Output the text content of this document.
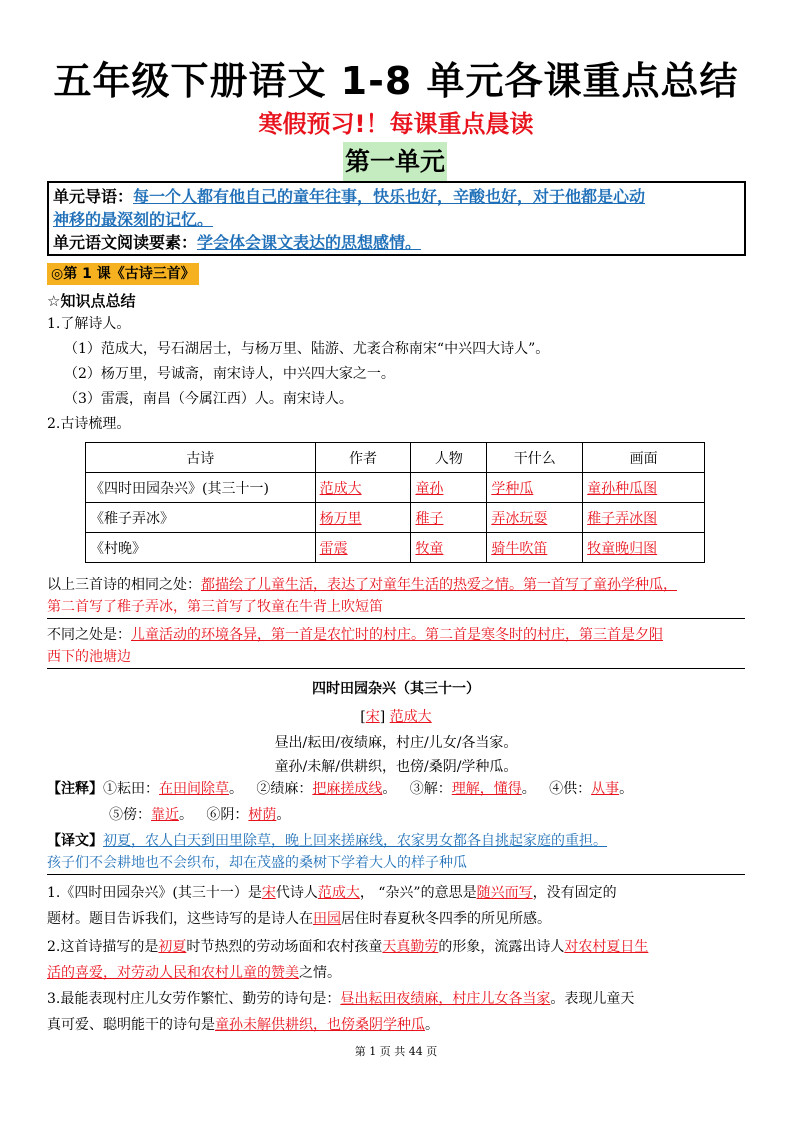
五年级下册语文 1-8 单元各课重点总结
寒假预习!！每课重点晨读
第一单元
单元导语：每一个人都有他自己的童年往事，快乐也好，辛酸也好，对于他都是心动
神移的最深刻的记忆。
单元语文阅读要素：学会体会课文表达的思想感情。
◎第 1 课《古诗三首》
☆知识点总结
1.了解诗人。
（1）范成大，号石湖居士，与杨万里、陆游、尤袤合称南宋“中兴四大诗人”。
（2）杨万里，号诚斋，南宋诗人，中兴四大家之一。
（3）雷震，南昌（今属江西）人。南宋诗人。
2.古诗梳理。
古诗	作者	人物	干什么	画面
《四时田园杂兴》(其三十一)	范成大	童孙	学种瓜	童孙种瓜图
《稚子弄冰》	杨万里	稚子	弄冰玩耍	稚子弄冰图
《村晚》	雷震	牧童	骑牛吹笛	牧童晚归图
以上三首诗的相同之处：都描绘了儿童生活，表达了对童年生活的热爱之情。第一首写了童孙学种瓜，
第二首写了稚子弄冰，第三首写了牧童在牛背上吹短笛
不同之处是：儿童活动的环境各异，第一首是农忙时的村庄。第二首是寒冬时的村庄，第三首是夕阳
西下的池塘边
四时田园杂兴（其三十一）
[宋] 范成大
昼出/耘田/夜绩麻，村庄/儿女/各当家。
童孙/未解/供耕织，也傍/桑阴/学种瓜。
【注释】①耘田：在田间除草。   ②绩麻：把麻搓成线。   ③解：理解，懂得。   ④供：从事。
⑤傍：靠近。   ⑥阴：树荫。
【译文】初夏，农人白天到田里除草，晚上回来搓麻线，农家男女都各自挑起家庭的重担。
孩子们不会耕地也不会织布，却在茂盛的桑树下学着大人的样子种瓜
1.《四时田园杂兴》(其三十一）是宋代诗人范成大， “杂兴”的意思是随兴而写，没有固定的
题材。题目告诉我们，这些诗写的是诗人在田园居住时春夏秋冬四季的所见所感。
2.这首诗描写的是初夏时节热烈的劳动场面和农村孩童天真勤劳的形象，流露出诗人对农村夏日生
活的喜爱，对劳动人民和农村儿童的赞美之情。
3.最能表现村庄儿女劳作繁忙、勤劳的诗句是：昼出耘田夜绩麻，村庄儿女各当家。表现儿童天
真可爱、聪明能干的诗句是童孙未解供耕织，也傍桑阴学种瓜。
第 1 页 共 44 页
